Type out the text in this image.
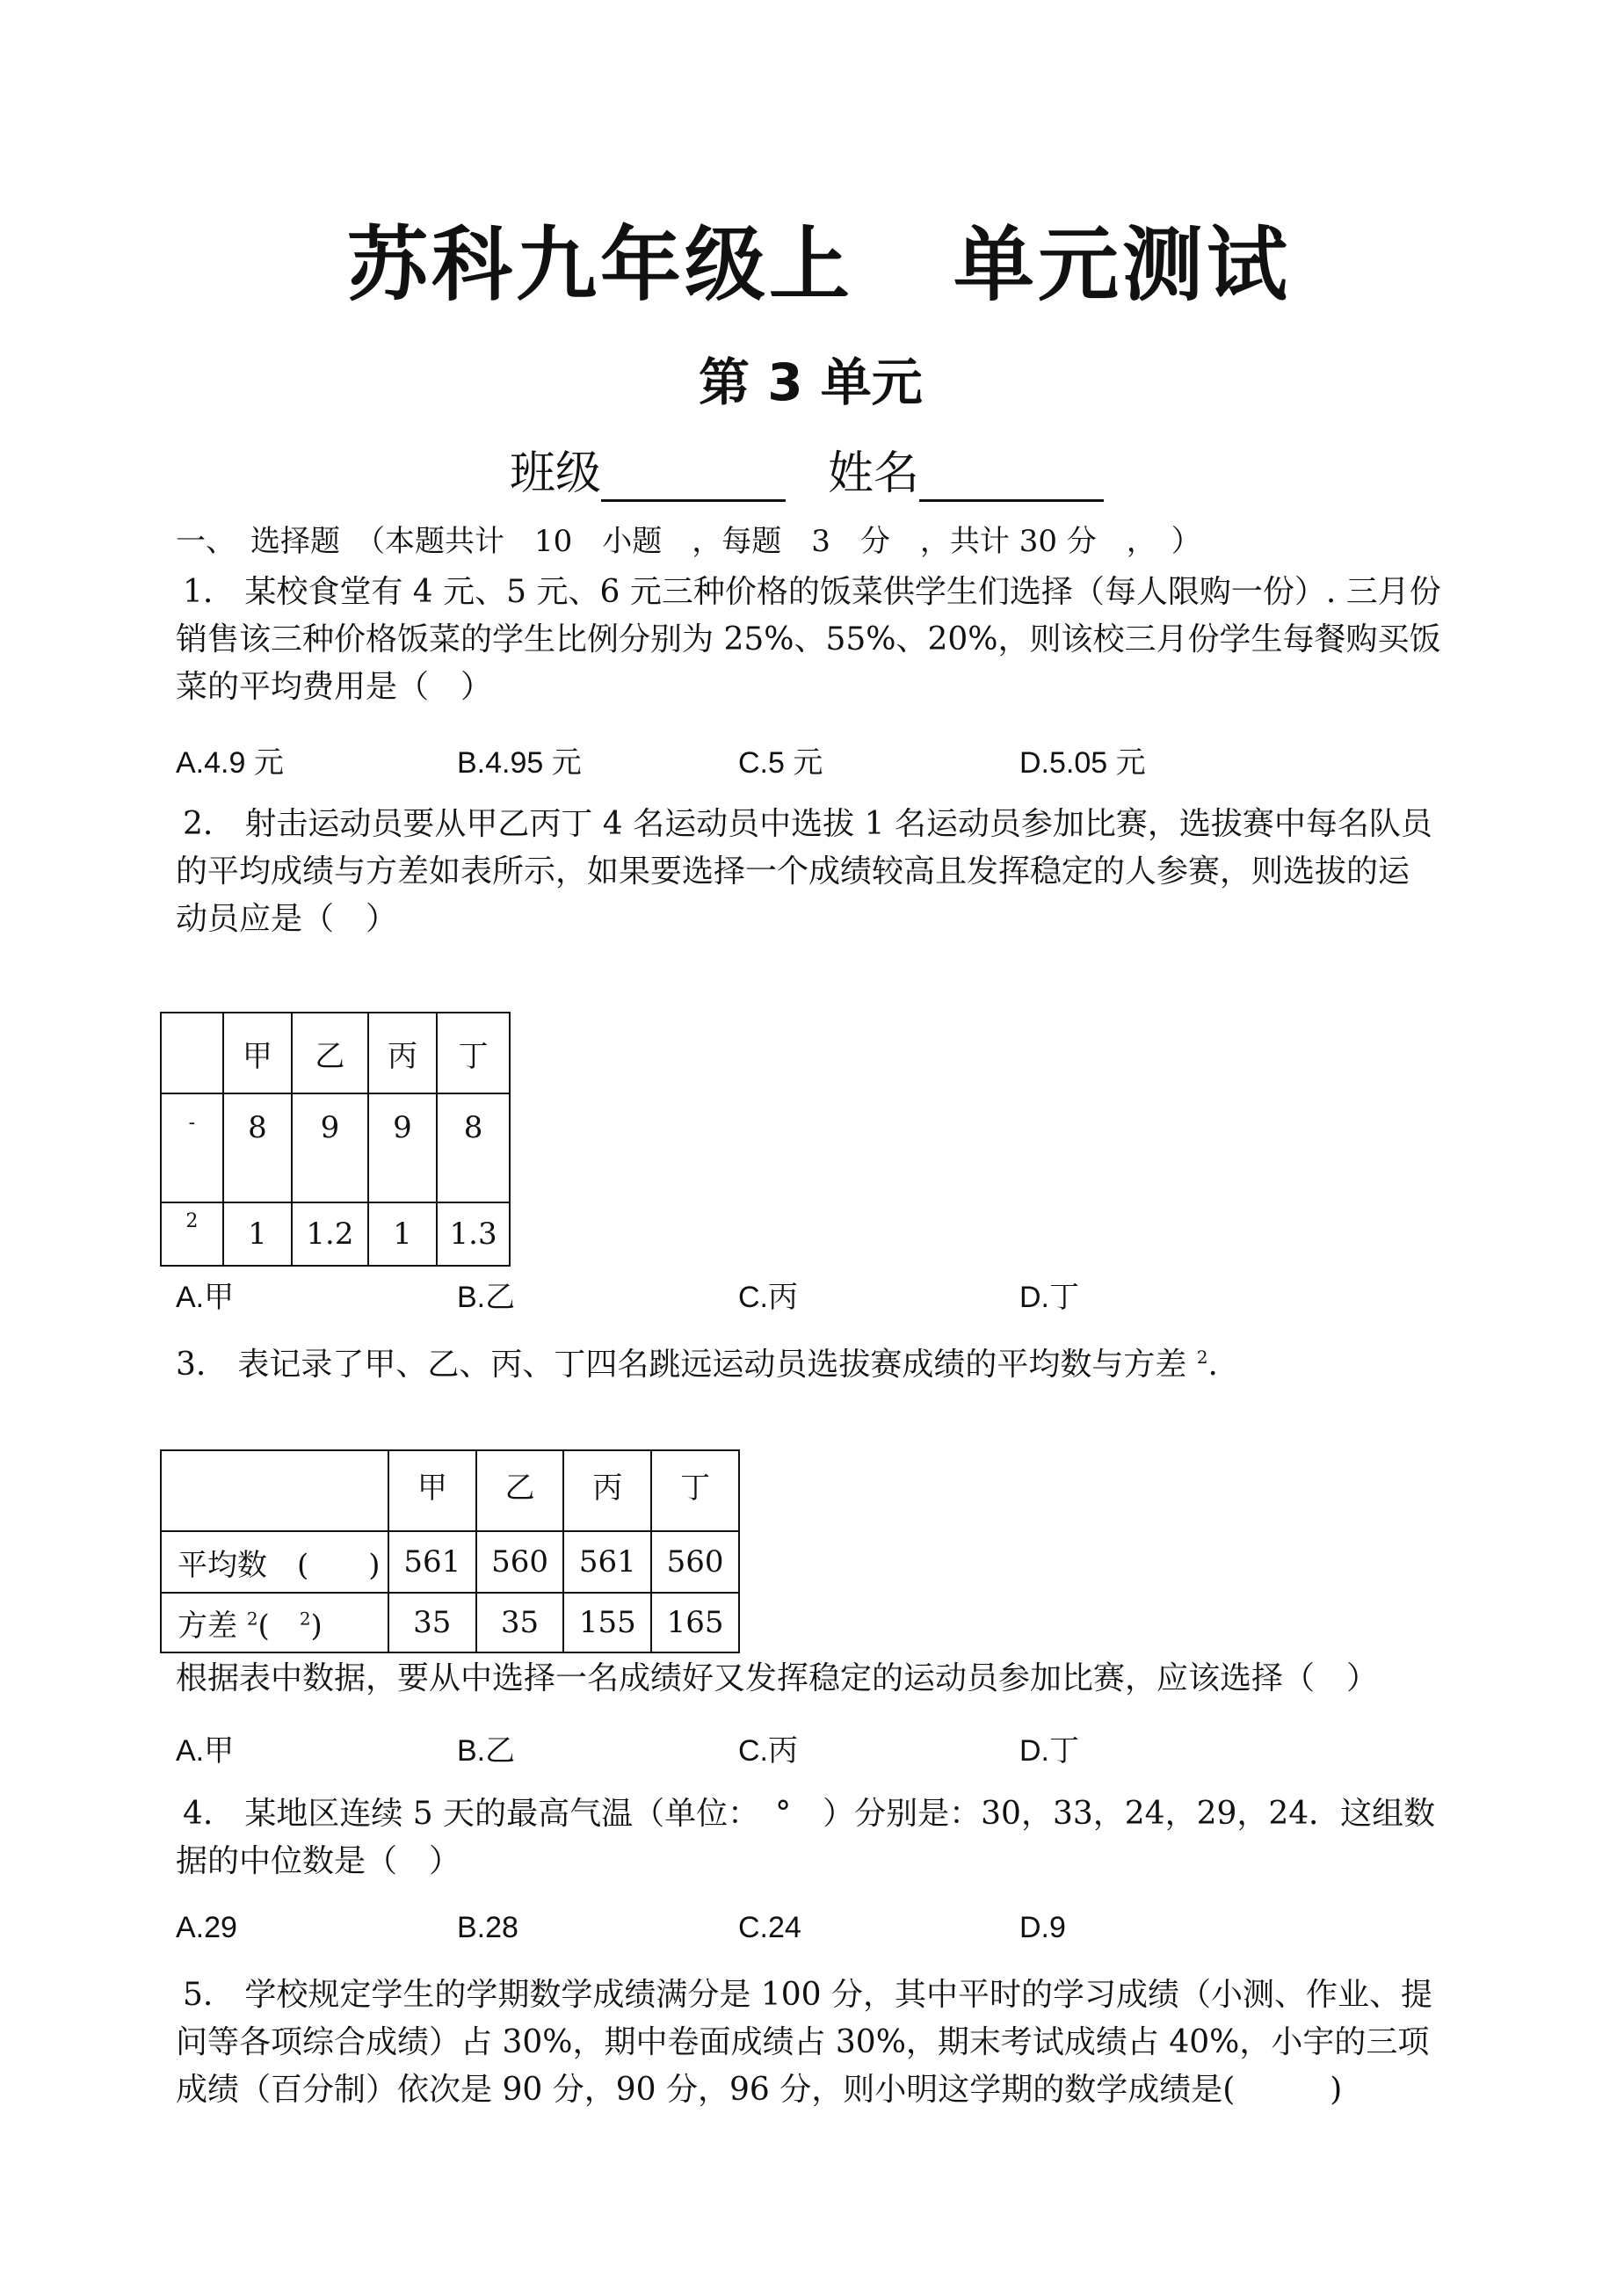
苏科九年级上 单元测试
第 3 单元
班级	姓名
一、　选择题　（本题共计　10　小题　，每题　3　分　，共计 30 分　，　）
1.　某校食堂有 4 元、5 元、6 元三种价格的饭菜供学生们选择（每人限购一份）. 三月份
销售该三种价格饭菜的学生比例分别为 25%、55%、20%，则该校三月份学生每餐购买饭
菜的平均费用是（　）
A.4.9 元	B.4.95 元	C.5 元	D.5.05 元
2.　射击运动员要从甲乙丙丁 4 名运动员中选拔 1 名运动员参加比赛，选拔赛中每名队员
的平均成绩与方差如表所示，如果要选择一个成绩较高且发挥稳定的人参赛，则选拔的运
动员应是（　）
	甲	乙	丙	丁
-	8	9	9	8
2	1	1.2	1	1.3
A.甲	B.乙	C.丙	D.丁
3.　表记录了甲、乙、丙、丁四名跳远运动员选拔赛成绩的平均数与方差 $^2$.
	甲	乙	丙	丁
平均数　(　　)	561	560	561	560
方差 $^2$(　 $^2$)	35	35	155	165
根据表中数据，要从中选择一名成绩好又发挥稳定的运动员参加比赛，应该选择（　）
A.甲	B.乙	C.丙	D.丁
4.　某地区连续 5 天的最高气温（单位：　°　）分别是：30，33，24，29，24．这组数
据的中位数是（　）
A.29	B.28	C.24	D.9
5.　学校规定学生的学期数学成绩满分是 100 分，其中平时的学习成绩（小测、作业、提
问等各项综合成绩）占 30%，期中卷面成绩占 30%，期末考试成绩占 40%，小宇的三项
成绩（百分制）依次是 90 分，90 分，96 分，则小明这学期的数学成绩是(　　　)
